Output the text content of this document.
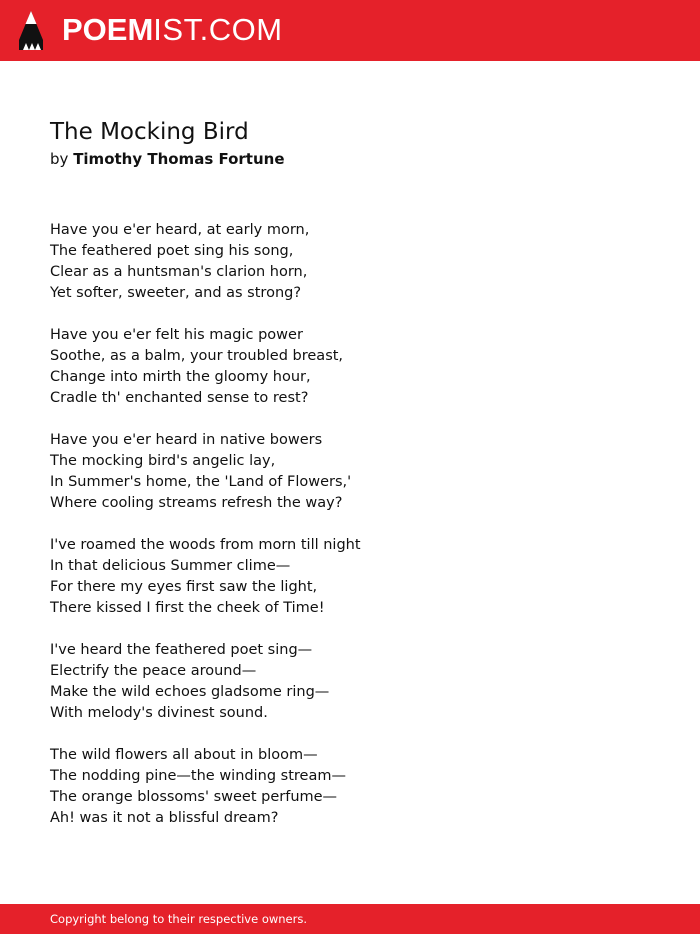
POEMIST.COM
The Mocking Bird

by Timothy Thomas Fortune

Have you e'er heard, at early morn,
The feathered poet sing his song,
Clear as a huntsman's clarion horn,
Yet softer, sweeter, and as strong?
Have you e'er felt his magic power
Soothe, as a balm, your troubled breast,
Change into mirth the gloomy hour,
Cradle th' enchanted sense to rest?
Have you e'er heard in native bowers
The mocking bird's angelic lay,
In Summer's home, the 'Land of Flowers,'
Where cooling streams refresh the way?
I've roamed the woods from morn till night
In that delicious Summer clime—
For there my eyes first saw the light,
There kissed I first the cheek of Time!
I've heard the feathered poet sing—
Electrify the peace around—
Make the wild echoes gladsome ring—
With melody's divinest sound.
The wild flowers all about in bloom—
The nodding pine—the winding stream—
The orange blossoms' sweet perfume—
Ah! was it not a blissful dream?
Copyright belong to their respective owners.
